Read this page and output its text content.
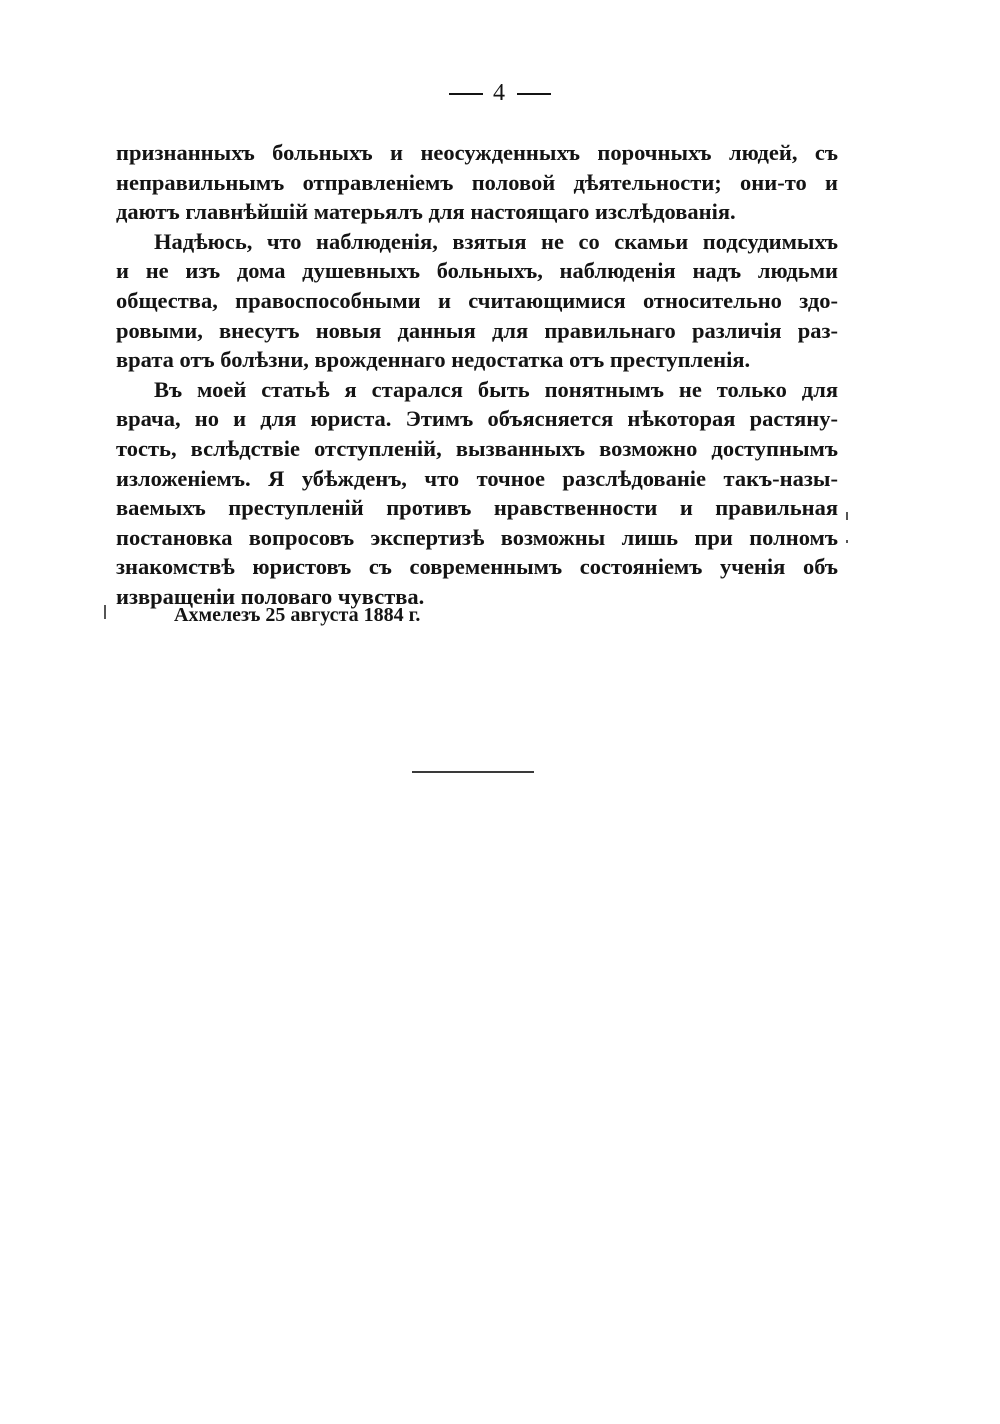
4
признанныхъ больныхъ и неосужденныхъ порочныхъ людей, съ
неправильнымъ отправленіемъ половой дѣятельности; они-то и
даютъ главнѣйшій матерьялъ для настоящаго изслѣдованія.
Надѣюсь, что наблюденія, взятыя не со скамьи подсудимыхъ
и не изъ дома душевныхъ больныхъ, наблюденія надъ людьми
общества, правоспособными и считающимися относительно здо-
ровыми, внесутъ новыя данныя для правильнаго различія раз-
врата отъ болѣзни, врожденнаго недостатка отъ преступленія.
Въ моей статьѣ я старался быть понятнымъ не только для
врача, но и для юриста. Этимъ объясняется нѣкоторая растяну-
тость, вслѣдствіе отступленій, вызванныхъ возможно доступнымъ
изложеніемъ. Я убѣжденъ, что точное разслѣдованіе такъ-назы-
ваемыхъ преступленій противъ нравственности и правильная
постановка вопросовъ экспертизѣ возможны лишь при полномъ
знакомствѣ юристовъ съ современнымъ состояніемъ ученія объ
извращеніи половаго чувства.
Ахмелезъ 25 августа 1884 г.
